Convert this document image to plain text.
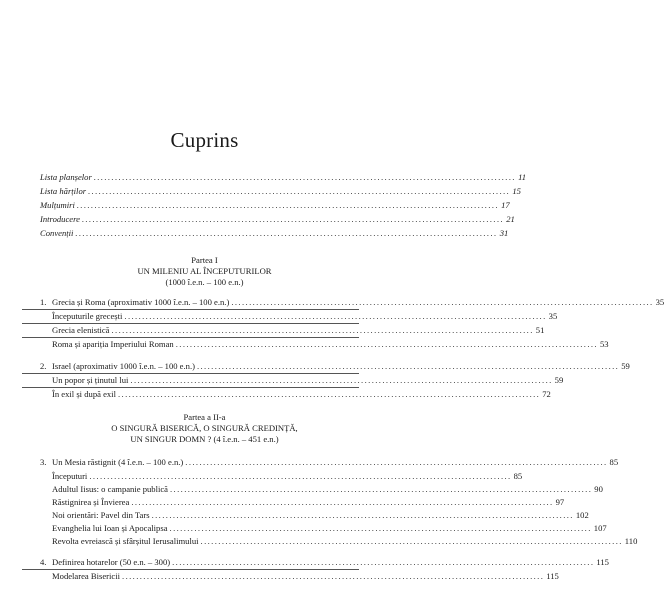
Cuprins
Lista planșelor ....................................................................................................................... 11
Lista hărților ....................................................................................................................... 15
Mulțumiri ....................................................................................................................... 17
Introducere ....................................................................................................................... 21
Convenții ....................................................................................................................... 31
Partea I
UN MILENIU AL ÎNCEPUTURILOR
(1000 î.e.n. – 100 e.n.)
1. Grecia și Roma (aproximativ 1000 î.e.n. – 100 e.n.) ....................................................................................................................... 35
Începuturile grecești ....................................................................................................................... 35
Grecia elenistică ....................................................................................................................... 51
Roma și apariția Imperiului Roman ....................................................................................................................... 53
2. Israel (aproximativ 1000 î.e.n. – 100 e.n.) ....................................................................................................................... 59
Un popor și ținutul lui ....................................................................................................................... 59
În exil și după exil ....................................................................................................................... 72
Partea a II-a
O SINGURĂ BISERICĂ, O SINGURĂ CREDINȚĂ,
UN SINGUR DOMN ? (4 î.e.n. – 451 e.n.)
3. Un Mesia răstignit (4 î.e.n. – 100 e.n.) ....................................................................................................................... 85
Începuturi ....................................................................................................................... 85
Adultul Iisus: o campanie publică ....................................................................................................................... 90
Răstignirea și Învierea ....................................................................................................................... 97
Noi orientări: Pavel din Tars ....................................................................................................................... 102
Evanghelia lui Ioan și Apocalipsa ....................................................................................................................... 107
Revolta evreiască și sfârșitul Ierusalimului ....................................................................................................................... 110
4. Definirea hotarelor (50 e.n. – 300) ....................................................................................................................... 115
Modelarea Bisericii ....................................................................................................................... 115
